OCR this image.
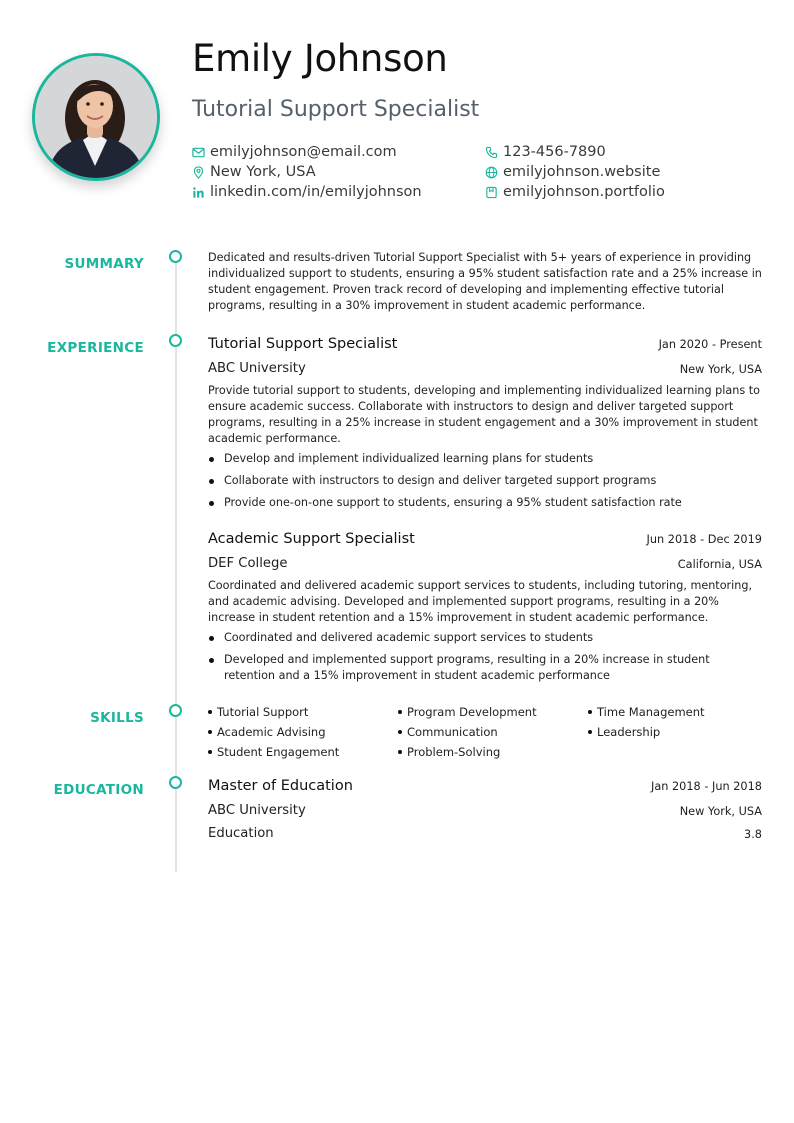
Emily Johnson
Tutorial Support Specialist
emilyjohnson@email.com	123-456-7890
New York, USA	emilyjohnson.website
linkedin.com/in/emilyjohnson	emilyjohnson.portfolio
SUMMARY	Dedicated and results-driven Tutorial Support Specialist with 5+ years of experience in providing individualized support to students, ensuring a 95% student satisfaction rate and a 25% increase in student engagement. Proven track record of developing and implementing effective tutorial programs, resulting in a 30% improvement in student academic performance.
EXPERIENCE	Tutorial Support Specialist	Jan 2020 - Present
ABC University	New York, USA
Provide tutorial support to students, developing and implementing individualized learning plans to ensure academic success. Collaborate with instructors to design and deliver targeted support programs, resulting in a 25% increase in student engagement and a 30% improvement in student academic performance.
Develop and implement individualized learning plans for students
Collaborate with instructors to design and deliver targeted support programs
Provide one-on-one support to students, ensuring a 95% student satisfaction rate
Academic Support Specialist	Jun 2018 - Dec 2019
DEF College	California, USA
Coordinated and delivered academic support services to students, including tutoring, mentoring, and academic advising. Developed and implemented support programs, resulting in a 20% increase in student retention and a 15% improvement in student academic performance.
Coordinated and delivered academic support services to students
Developed and implemented support programs, resulting in a 20% increase in student retention and a 15% improvement in student academic performance
SKILLS	Tutorial Support	Program Development	Time Management
Academic Advising	Communication	Leadership
Student Engagement	Problem-Solving
EDUCATION	Master of Education	Jan 2018 - Jun 2018
ABC University	New York, USA
Education	3.8
